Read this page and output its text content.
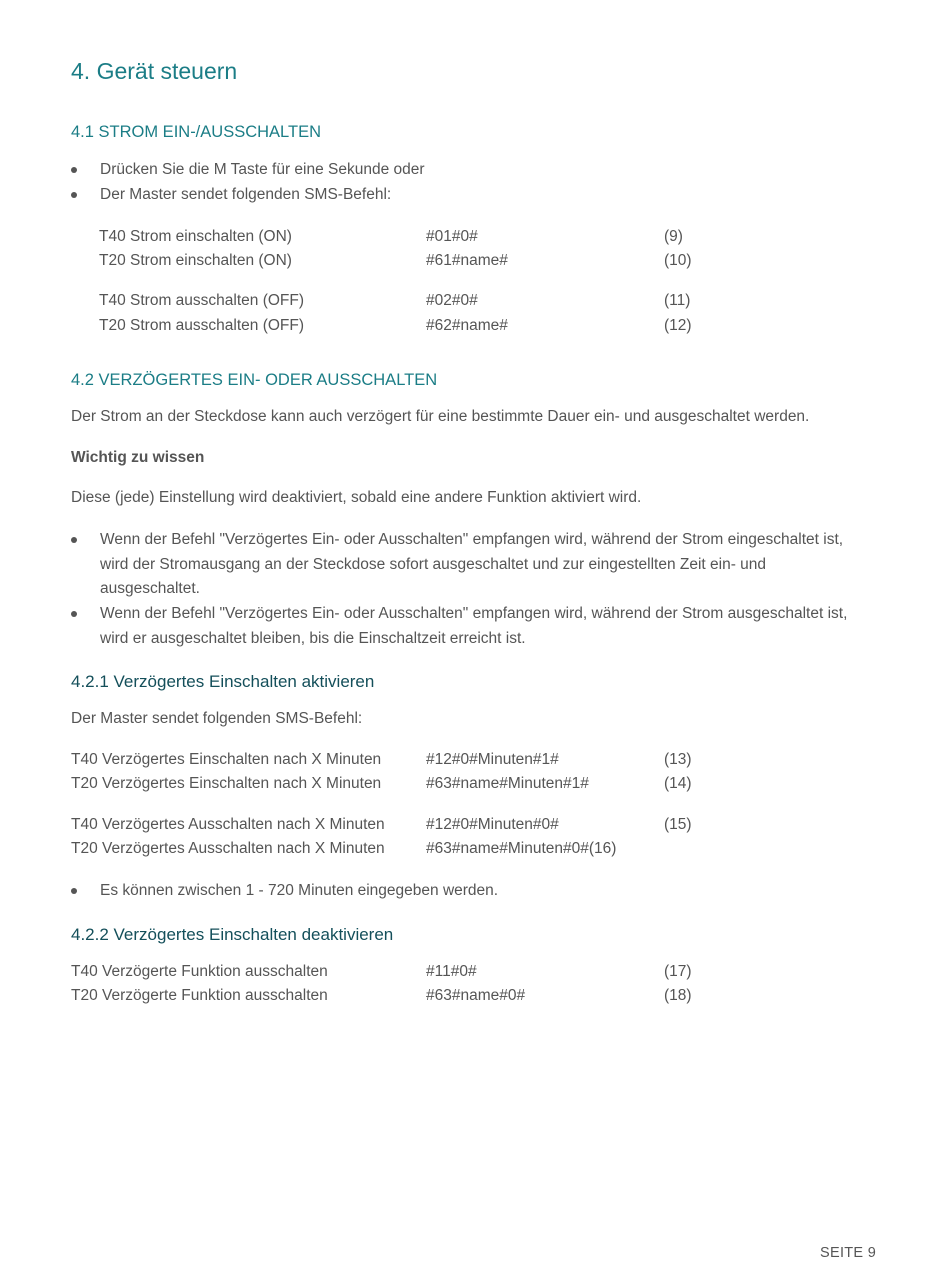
4. Gerät steuern
4.1 STROM EIN-/AUSSCHALTEN
Drücken Sie die M Taste für eine Sekunde oder
Der Master sendet folgenden SMS-Befehl:
T40 Strom einschalten (ON)	#01#0#	(9)
T20 Strom einschalten (ON)	#61#name#	(10)
T40 Strom ausschalten (OFF)	#02#0#	(11)
T20 Strom ausschalten (OFF)	#62#name#	(12)
4.2 VERZÖGERTES EIN- ODER AUSSCHALTEN
Der Strom an der Steckdose kann auch verzögert für eine bestimmte Dauer ein- und ausgeschaltet werden.
Wichtig zu wissen
Diese (jede) Einstellung wird deaktiviert, sobald eine andere Funktion aktiviert wird.
Wenn der Befehl "Verzögertes Ein- oder Ausschalten" empfangen wird, während der Strom eingeschaltet ist, wird der Stromausgang an der Steckdose sofort ausgeschaltet und zur eingestellten Zeit ein- und ausgeschaltet.
Wenn der Befehl "Verzögertes Ein- oder Ausschalten" empfangen wird, während der Strom ausgeschaltet ist, wird er ausgeschaltet bleiben, bis die Einschaltzeit erreicht ist.
4.2.1 Verzögertes Einschalten aktivieren
Der Master sendet folgenden SMS-Befehl:
T40 Verzögertes Einschalten nach X Minuten	#12#0#Minuten#1#	(13)
T20 Verzögertes Einschalten nach X Minuten	#63#name#Minuten#1#	(14)
T40 Verzögertes Ausschalten nach X Minuten	#12#0#Minuten#0#	(15)
T20 Verzögertes Ausschalten nach X Minuten	#63#name#Minuten#0#(16)
Es können zwischen 1 - 720 Minuten eingegeben werden.
4.2.2 Verzögertes Einschalten deaktivieren
T40 Verzögerte Funktion ausschalten	#11#0#	(17)
T20 Verzögerte Funktion ausschalten	#63#name#0#	(18)
SEITE 9
